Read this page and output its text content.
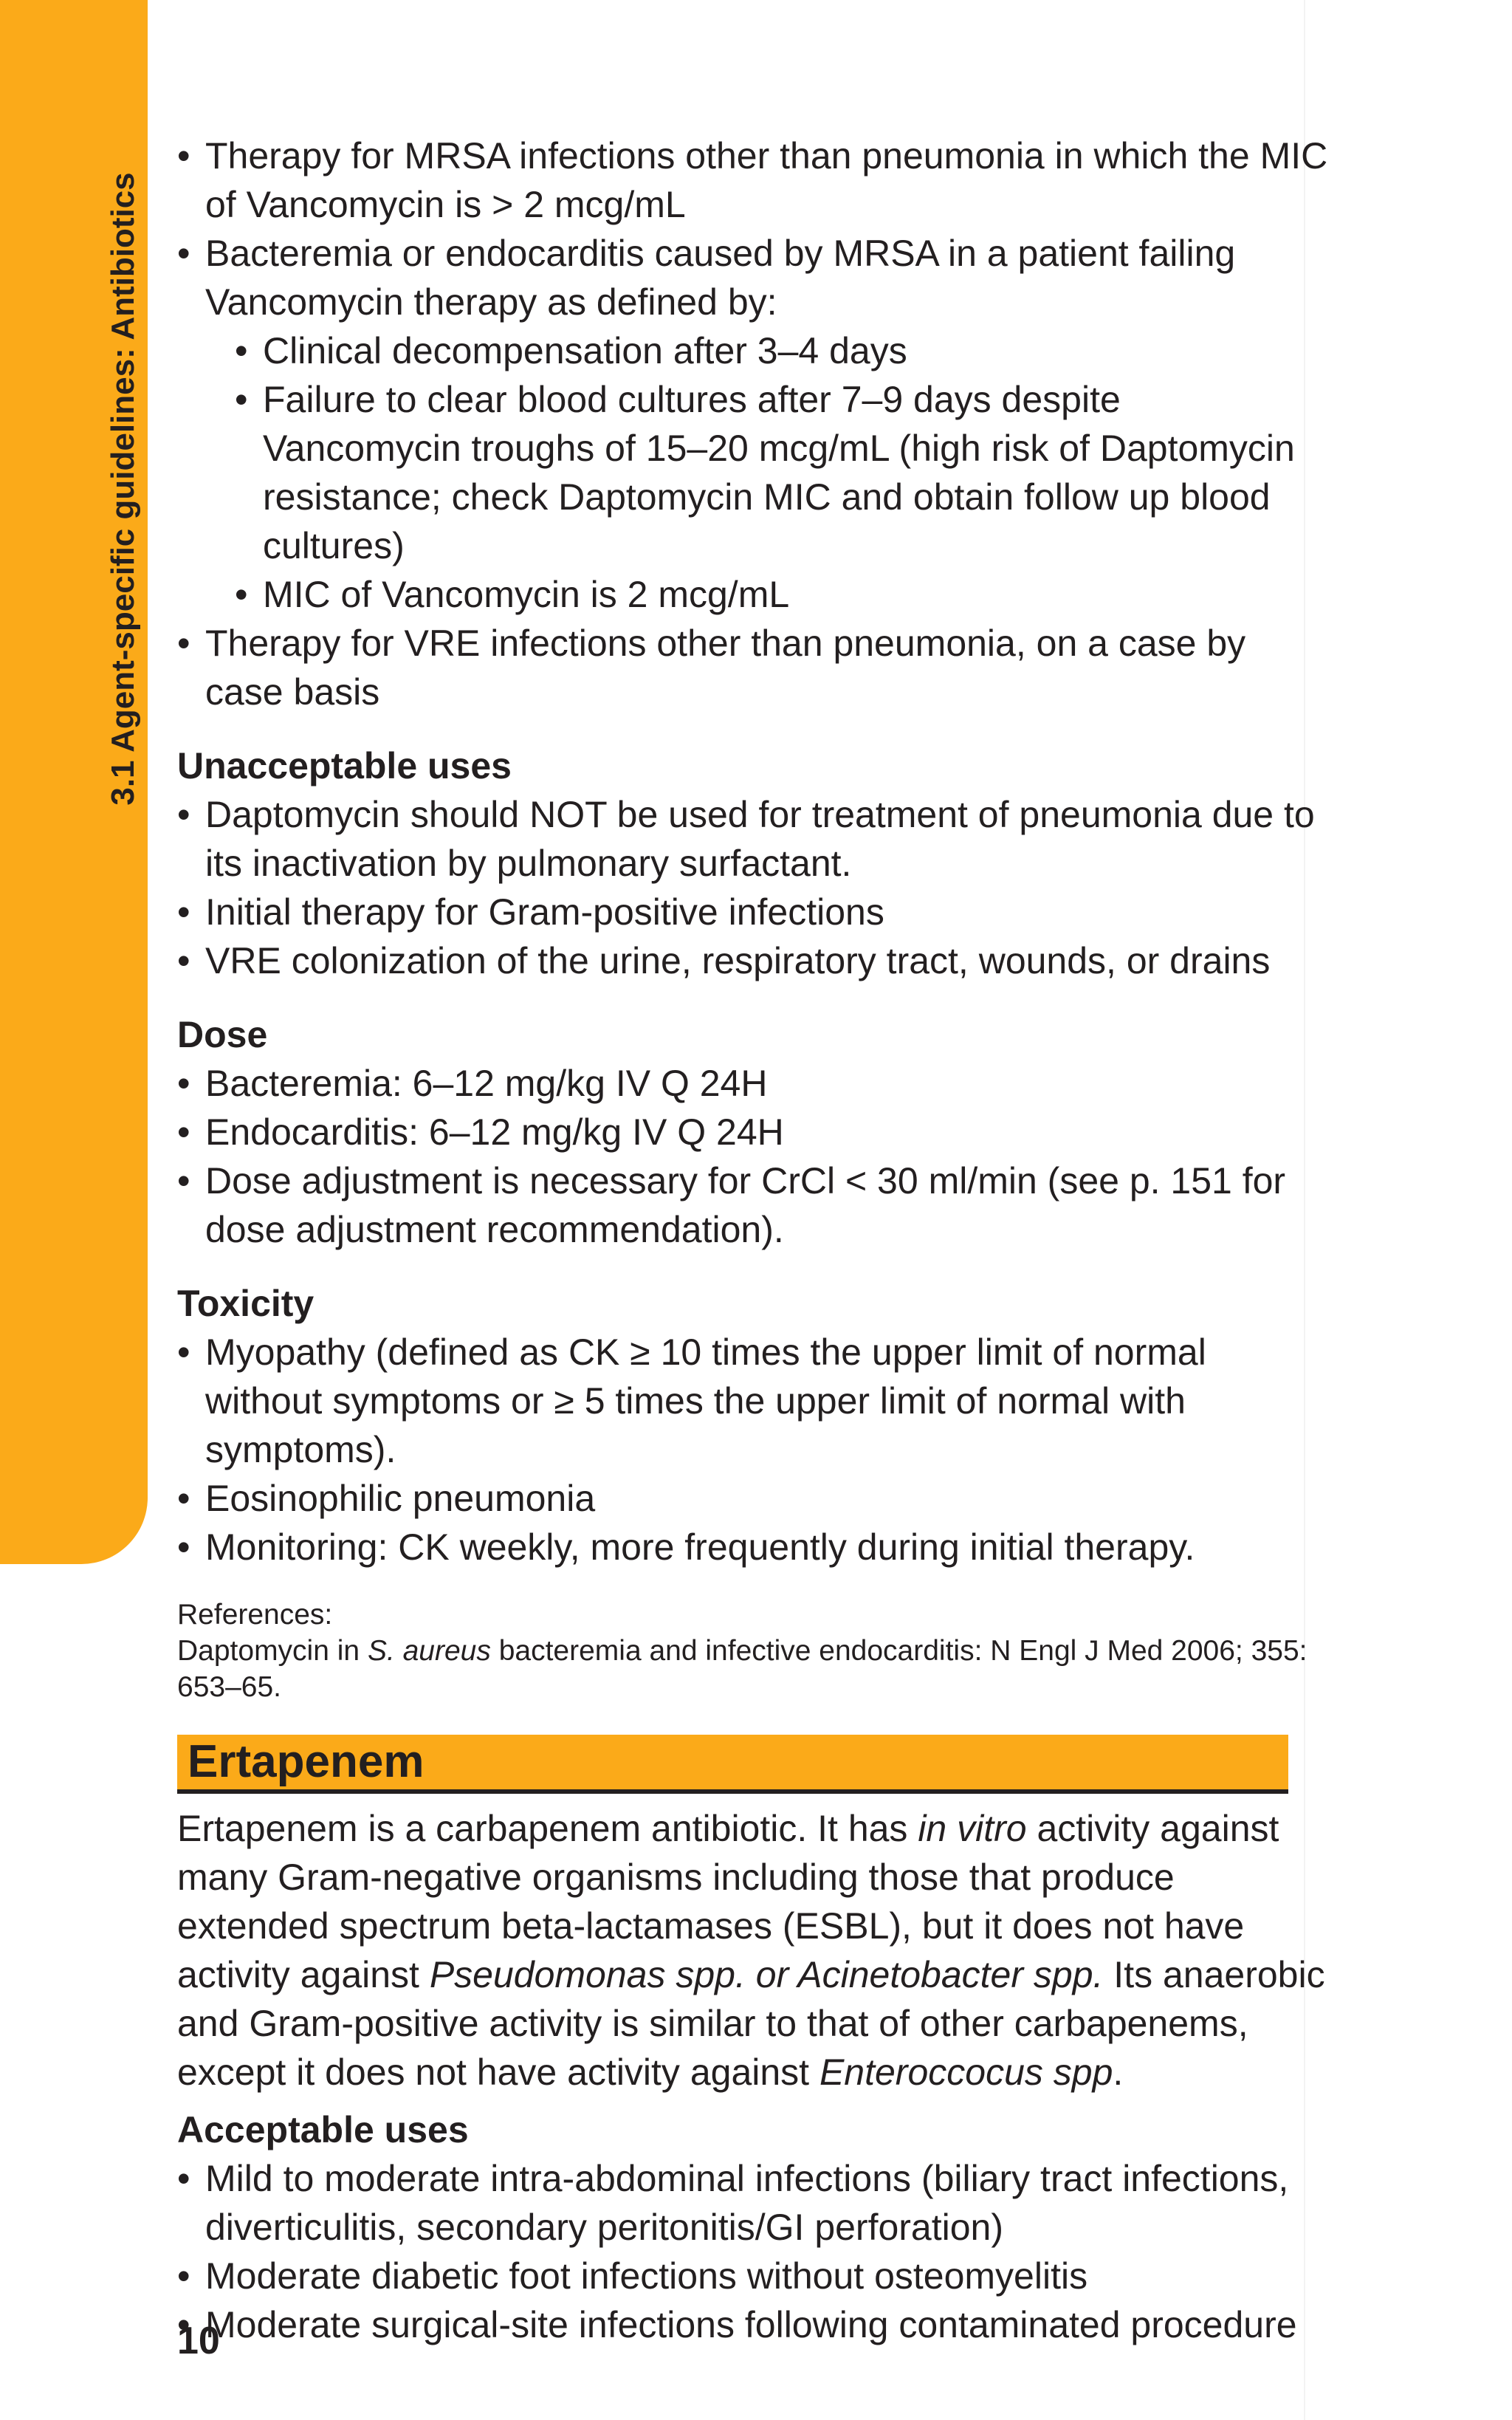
3.1 Agent-specific guidelines: Antibiotics
• Therapy for MRSA infections other than pneumonia in which the MIC of Vancomycin is > 2 mcg/mL
• Bacteremia or endocarditis caused by MRSA in a patient failing Vancomycin therapy as defined by:
• Clinical decompensation after 3–4 days
• Failure to clear blood cultures after 7–9 days despite Vancomycin troughs of 15–20 mcg/mL (high risk of Daptomycin resistance; check Daptomycin MIC and obtain follow up blood cultures)
• MIC of Vancomycin is 2 mcg/mL
• Therapy for VRE infections other than pneumonia, on a case by case basis
Unacceptable uses
• Daptomycin should NOT be used for treatment of pneumonia due to its inactivation by pulmonary surfactant.
• Initial therapy for Gram-positive infections
• VRE colonization of the urine, respiratory tract, wounds, or drains
Dose
• Bacteremia: 6–12 mg/kg IV Q 24H
• Endocarditis: 6–12 mg/kg IV Q 24H
• Dose adjustment is necessary for CrCl < 30 ml/min (see p. 151 for dose adjustment recommendation).
Toxicity
• Myopathy (defined as CK ≥ 10 times the upper limit of normal without symptoms or ≥ 5 times the upper limit of normal with symptoms).
• Eosinophilic pneumonia
• Monitoring: CK weekly, more frequently during initial therapy.
References:
Daptomycin in S. aureus bacteremia and infective endocarditis: N Engl J Med 2006; 355: 653–65.
Ertapenem

Ertapenem is a carbapenem antibiotic. It has in vitro activity against many Gram-negative organisms including those that produce extended spectrum beta-lactamases (ESBL), but it does not have activity against Pseudomonas spp. or Acinetobacter spp. Its anaerobic and Gram-positive activity is similar to that of other carbapenems, except it does not have activity against Enteroccocus spp.

Acceptable uses
• Mild to moderate intra-abdominal infections (biliary tract infections, diverticulitis, secondary peritonitis/GI perforation)
• Moderate diabetic foot infections without osteomyelitis
• Moderate surgical-site infections following contaminated procedure
10
